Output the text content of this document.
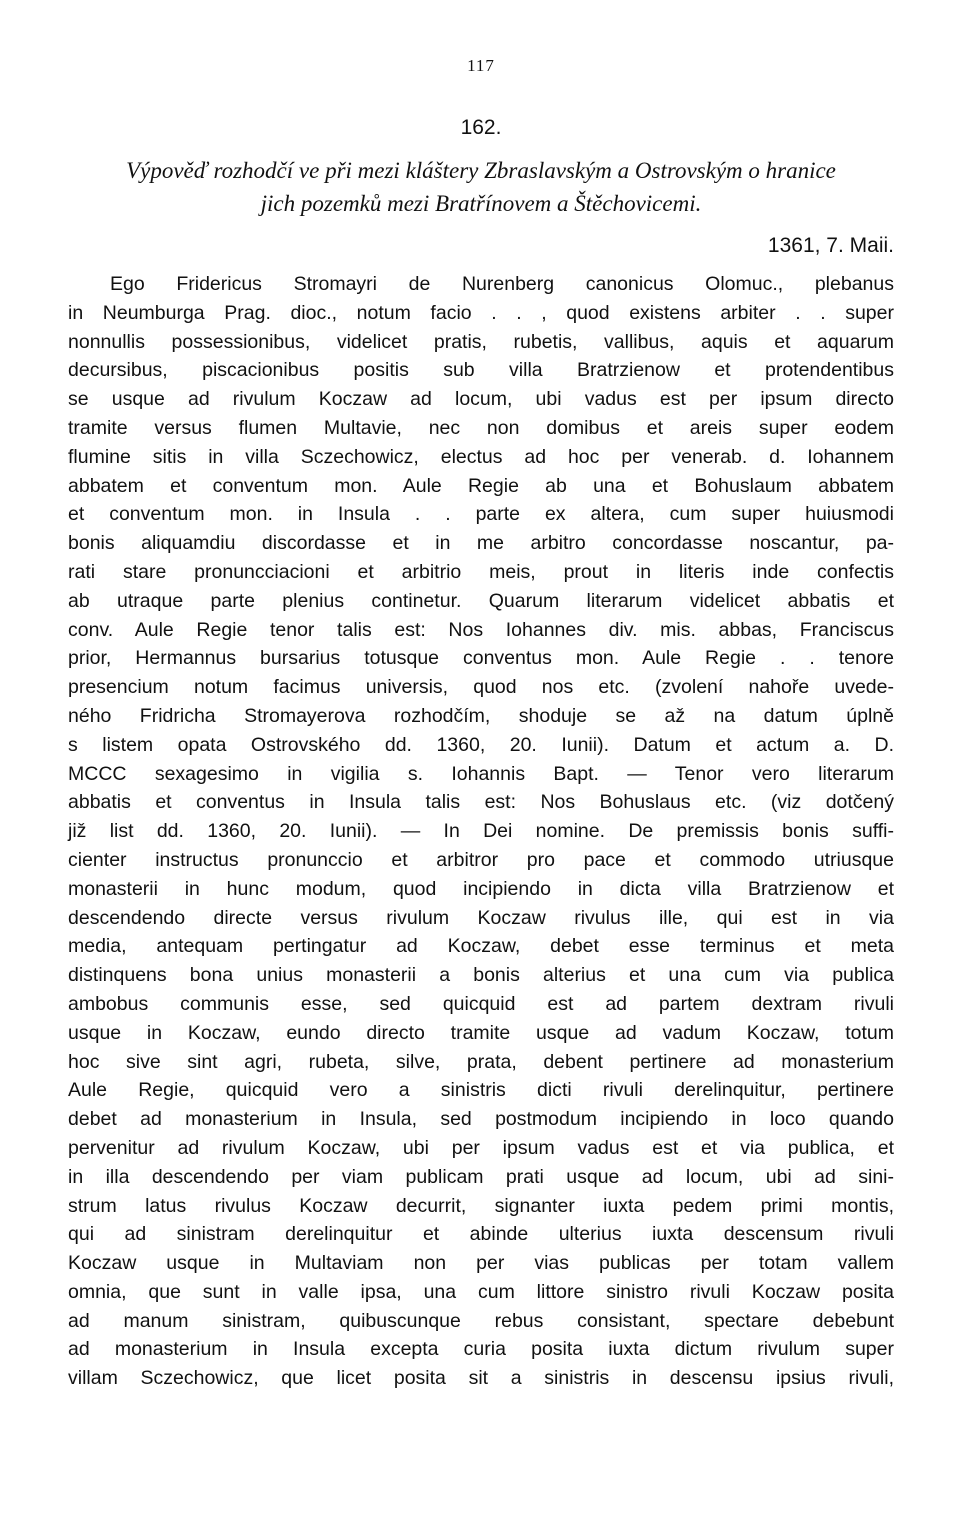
117
162.
Výpověď rozhodčí ve při mezi kláštery Zbraslavským a Ostrovským o hranice
jich pozemků mezi Bratřínovem a Štěchovicemi.
1361, 7. Maii.
Ego Fridericus Stromayri de Nurenberg canonicus Olomuc., plebanus
in Neumburga Prag. dioc., notum facio . . , quod existens arbiter . . super
nonnullis possessionibus, videlicet pratis, rubetis, vallibus, aquis et aquarum
decursibus, piscacionibus positis sub villa Bratrzienow et protendentibus
se usque ad rivulum Koczaw ad locum, ubi vadus est per ipsum directo
tramite versus flumen Multavie, nec non domibus et areis super eodem
flumine sitis in villa Sczechowicz, electus ad hoc per venerab. d. Iohannem
abbatem et conventum mon. Aule Regie ab una et Bohuslaum abbatem
et conventum mon. in Insula . . parte ex altera, cum super huiusmodi
bonis aliquamdiu discordasse et in me arbitro concordasse noscantur, pa-
rati stare pronuncciacioni et arbitrio meis, prout in literis inde confectis
ab utraque parte plenius continetur. Quarum literarum videlicet abbatis et
conv. Aule Regie tenor talis est: Nos Iohannes div. mis. abbas, Franciscus
prior, Hermannus bursarius totusque conventus mon. Aule Regie . . tenore
presencium notum facimus universis, quod nos etc. (zvolení nahoře uvede-
ného Fridricha Stromayerova rozhodčím, shoduje se až na datum úplně
s listem opata Ostrovského dd. 1360, 20. Iunii). Datum et actum a. D.
MCCC sexagesimo in vigilia s. Iohannis Bapt. — Tenor vero literarum
abbatis et conventus in Insula talis est: Nos Bohuslaus etc. (viz dotčený
již list dd. 1360, 20. Iunii). — In Dei nomine. De premissis bonis suffi-
cienter instructus pronunccio et arbitror pro pace et commodo utriusque
monasterii in hunc modum, quod incipiendo in dicta villa Bratrzienow et
descendendo directe versus rivulum Koczaw rivulus ille, qui est in via
media, antequam pertingatur ad Koczaw, debet esse terminus et meta
distinquens bona unius monasterii a bonis alterius et una cum via publica
ambobus communis esse, sed quicquid est ad partem dextram rivuli
usque in Koczaw, eundo directo tramite usque ad vadum Koczaw, totum
hoc sive sint agri, rubeta, silve, prata, debent pertinere ad monasterium
Aule Regie, quicquid vero a sinistris dicti rivuli derelinquitur, pertinere
debet ad monasterium in Insula, sed postmodum incipiendo in loco quando
pervenitur ad rivulum Koczaw, ubi per ipsum vadus est et via publica, et
in illa descendendo per viam publicam prati usque ad locum, ubi ad sini-
strum latus rivulus Koczaw decurrit, signanter iuxta pedem primi montis,
qui ad sinistram derelinquitur et abinde ulterius iuxta descensum rivuli
Koczaw usque in Multaviam non per vias publicas per totam vallem
omnia, que sunt in valle ipsa, una cum littore sinistro rivuli Koczaw posita
ad manum sinistram, quibuscunque rebus consistant, spectare debebunt
ad monasterium in Insula excepta curia posita iuxta dictum rivulum super
villam Sczechowicz, que licet posita sit a sinistris in descensu ipsius rivuli,
